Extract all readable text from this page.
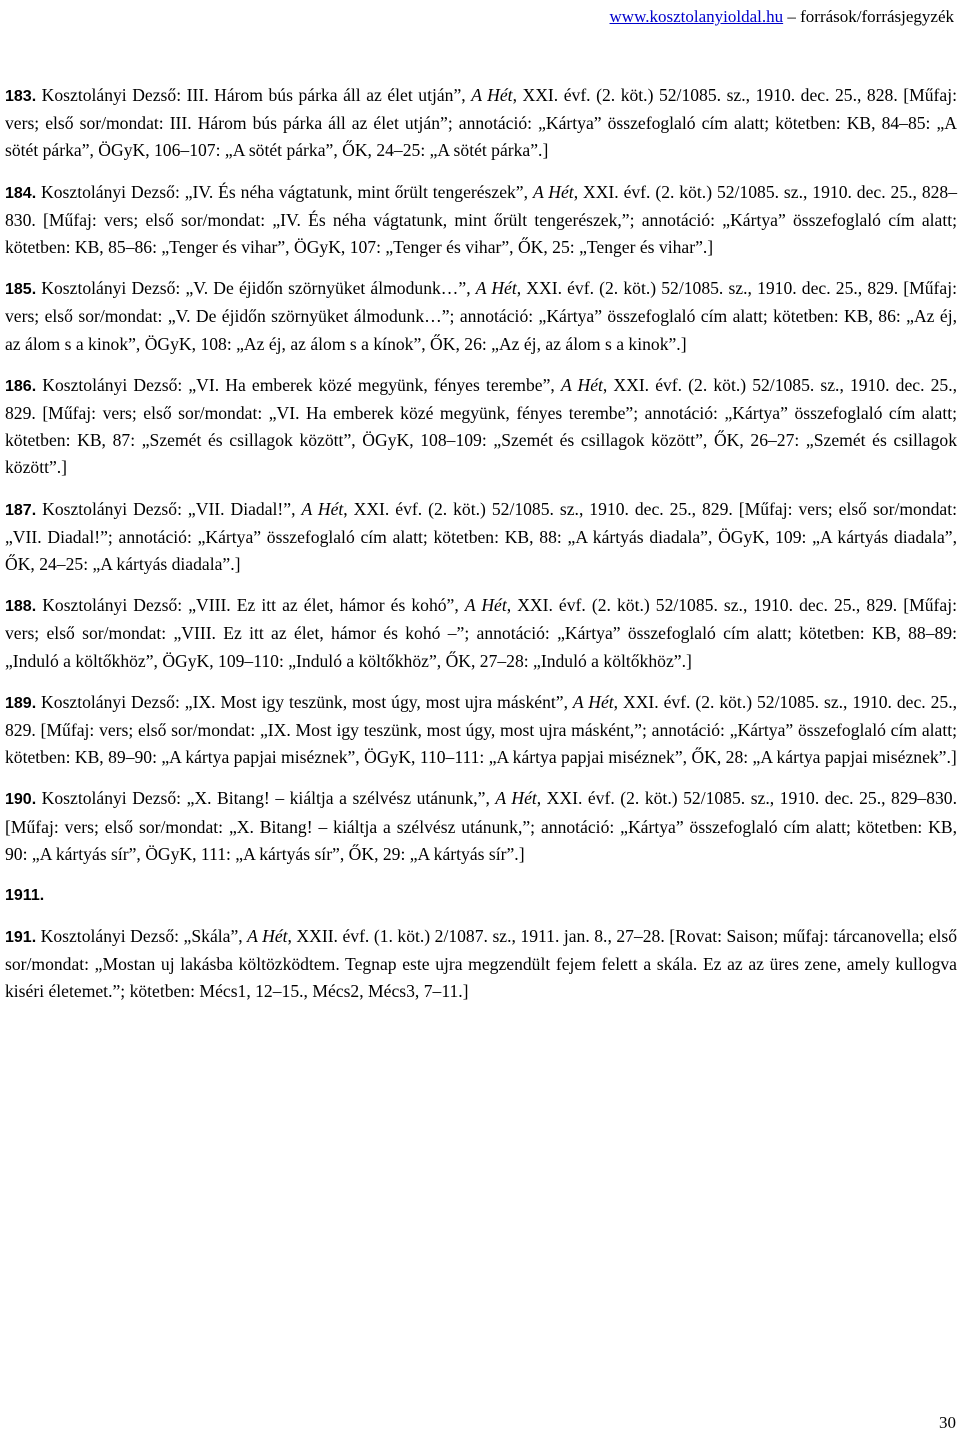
www.kosztolanyioldal.hu – források/forrásjegyzék

183. Kosztolányi Dezső: III. Három bús párka áll az élet utján”, A Hét, XXI. évf. (2. köt.) 52/1085. sz., 1910. dec. 25., 828. [Műfaj: vers; első sor/mondat: III. Három bús párka áll az élet utján”; annotáció: „Kártya” összefoglaló cím alatt; kötetben: KB, 84–85: „A sötét párka”, ÖGyK, 106–107: „A sötét párka”, ŐK, 24–25: „A sötét párka”.]

184. Kosztolányi Dezső: „IV. És néha vágtatunk, mint őrült tengerészek”, A Hét, XXI. évf. (2. köt.) 52/1085. sz., 1910. dec. 25., 828–830. [Műfaj: vers; első sor/mondat: „IV. És néha vágtatunk, mint őrült tengerészek,”; annotáció: „Kártya” összefoglaló cím alatt; kötetben: KB, 85–86: „Tenger és vihar”, ÖGyK, 107: „Tenger és vihar”, ŐK, 25: „Tenger és vihar”.]

185. Kosztolányi Dezső: „V. De éjidőn szörnyüket álmodunk…”, A Hét, XXI. évf. (2. köt.) 52/1085. sz., 1910. dec. 25., 829. [Műfaj: vers; első sor/mondat: „V. De éjidőn szörnyüket álmodunk…”; annotáció: „Kártya” összefoglaló cím alatt; kötetben: KB, 86: „Az éj, az álom s a kinok”, ÖGyK, 108: „Az éj, az álom s a kínok”, ŐK, 26: „Az éj, az álom s a kinok”.]

186. Kosztolányi Dezső: „VI. Ha emberek közé megyünk, fényes terembe”, A Hét, XXI. évf. (2. köt.) 52/1085. sz., 1910. dec. 25., 829. [Műfaj: vers; első sor/mondat: „VI. Ha emberek közé megyünk, fényes terembe”; annotáció: „Kártya” összefoglaló cím alatt; kötetben: KB, 87: „Szemét és csillagok között”, ÖGyK, 108–109: „Szemét és csillagok között”, ŐK, 26–27: „Szemét és csillagok között”.]

187. Kosztolányi Dezső: „VII. Diadal!”, A Hét, XXI. évf. (2. köt.) 52/1085. sz., 1910. dec. 25., 829. [Műfaj: vers; első sor/mondat: „VII. Diadal!”; annotáció: „Kártya” összefoglaló cím alatt; kötetben: KB, 88: „A kártyás diadala”, ÖGyK, 109: „A kártyás diadala”, ŐK, 24–25: „A kártyás diadala”.]

188. Kosztolányi Dezső: „VIII. Ez itt az élet, hámor és kohó”, A Hét, XXI. évf. (2. köt.) 52/1085. sz., 1910. dec. 25., 829. [Műfaj: vers; első sor/mondat: „VIII. Ez itt az élet, hámor és kohó –”; annotáció: „Kártya” összefoglaló cím alatt; kötetben: KB, 88–89: „Induló a költőkhöz”, ÖGyK, 109–110: „Induló a költőkhöz”, ŐK, 27–28: „Induló a költőkhöz”.]

189. Kosztolányi Dezső: „IX. Most igy teszünk, most úgy, most ujra másként”, A Hét, XXI. évf. (2. köt.) 52/1085. sz., 1910. dec. 25., 829. [Műfaj: vers; első sor/mondat: „IX. Most igy teszünk, most úgy, most ujra másként,”; annotáció: „Kártya” összefoglaló cím alatt; kötetben: KB, 89–90: „A kártya papjai miséznek”, ÖGyK, 110–111: „A kártya papjai miséznek”, ŐK, 28: „A kártya papjai miséznek”.]

190. Kosztolányi Dezső: „X. Bitang! – kiáltja a szélvész utánunk,”, A Hét, XXI. évf. (2. köt.) 52/1085. sz., 1910. dec. 25., 829–830. [Műfaj: vers; első sor/mondat: „X. Bitang! – kiáltja a szélvész utánunk,”; annotáció: „Kártya” összefoglaló cím alatt; kötetben: KB, 90: „A kártyás sír”, ÖGyK, 111: „A kártyás sír”, ŐK, 29: „A kártyás sír”.]

1911.

191. Kosztolányi Dezső: „Skála”, A Hét, XXII. évf. (1. köt.) 2/1087. sz., 1911. jan. 8., 27–28. [Rovat: Saison; műfaj: tárcanovella; első sor/mondat: „Mostan uj lakásba költözködtem. Tegnap este ujra megzendült fejem felett a skála. Ez az az üres zene, amely kullogva kiséri életemet.”; kötetben: Mécs1, 12–15., Mécs2, Mécs3, 7–11.]

30
